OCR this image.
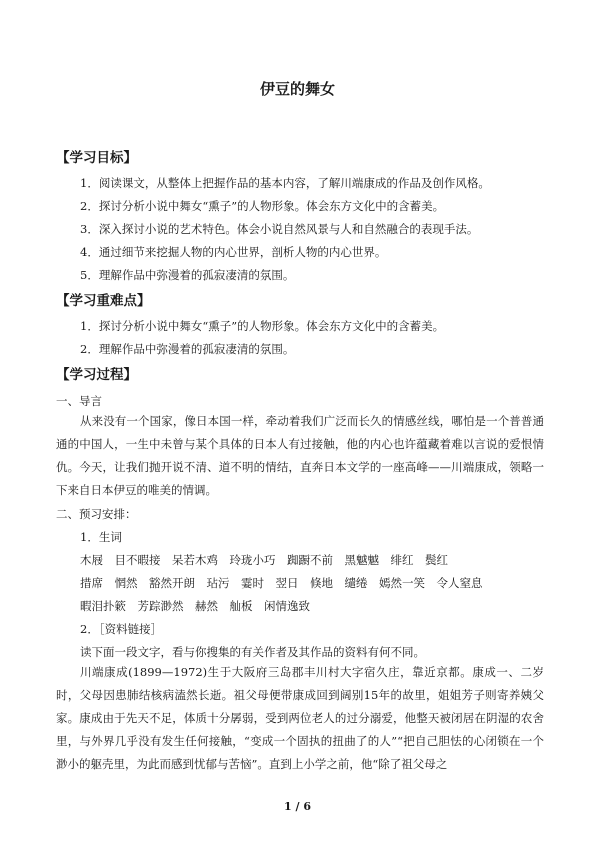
伊豆的舞女
【学习目标】
1．阅读课文，从整体上把握作品的基本内容，了解川端康成的作品及创作风格。
2．探讨分析小说中舞女“熏子”的人物形象。体会东方文化中的含蓄美。
3．深入探讨小说的艺术特色。体会小说自然风景与人和自然融合的表现手法。
4．通过细节来挖掘人物的内心世界，剖析人物的内心世界。
5．理解作品中弥漫着的孤寂凄清的氛围。
【学习重难点】
1．探讨分析小说中舞女“熏子”的人物形象。体会东方文化中的含蓄美。
2．理解作品中弥漫着的孤寂凄清的氛围。
【学习过程】
一、导言
从来没有一个国家，像日本国一样，牵动着我们广泛而长久的情感丝线，哪怕是一个普普通通的中国人，一生中未曾与某个具体的日本人有过接触，他的内心也许蕴藏着难以言说的爱恨情仇。今天，让我们抛开说不清、道不明的情结，直奔日本文学的一座高峰——川端康成，领略一下来自日本伊豆的唯美的情调。
二、预习安排：
1．生词
木屐　目不暇接　呆若木鸡　玲珑小巧　踟蹰不前　黑魆魆　绯红　鬓红
措席　惘然　豁然开朗　玷污　霎时　翌日　倏地　缱绻　嫣然一笑　令人窒息
暇泪扑簌　芳踪渺然　赫然　舢板　闲情逸致
2．［资料链接］
读下面一段文字，看与你搜集的有关作者及其作品的资料有何不同。
川端康成(1899—1972)生于大阪府三岛郡丰川村大字宿久庄，靠近京都。康成一、二岁时，父母因患肺结核病溘然长逝。祖父母便带康成回到阔别15年的故里，姐姐芳子则寄养姨父家。康成由于先天不足，体质十分孱弱，受到两位老人的过分溺爱，他整天被闭居在阴湿的农舍里，与外界几乎没有发生任何接触，“变成一个固执的扭曲了的人”“把自己胆怯的心闭锁在一个渺小的躯壳里，为此而感到忧郁与苦恼”。直到上小学之前，他“除了祖父母之
1 / 6
